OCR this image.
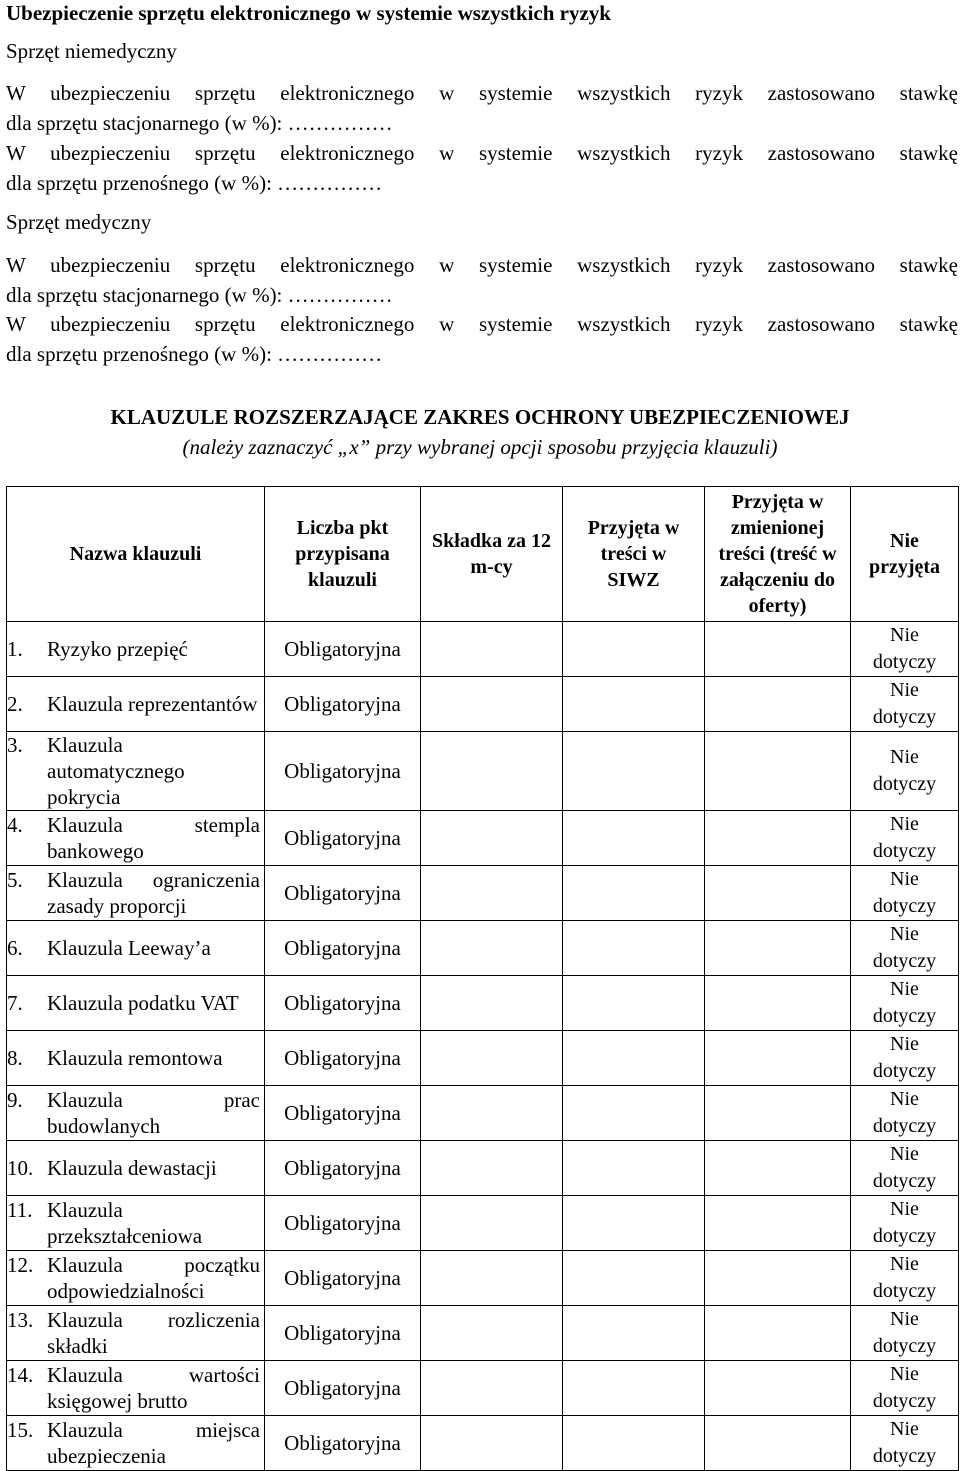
Ubezpieczenie sprzętu elektronicznego w systemie wszystkich ryzyk
Sprzęt niemedyczny
W ubezpieczeniu sprzętu elektronicznego w systemie wszystkich ryzyk zastosowano stawkę
dla sprzętu stacjonarnego (w %): ……………
W ubezpieczeniu sprzętu elektronicznego w systemie wszystkich ryzyk zastosowano stawkę
dla sprzętu przenośnego (w %): ……………
Sprzęt medyczny
W ubezpieczeniu sprzętu elektronicznego w systemie wszystkich ryzyk zastosowano stawkę
dla sprzętu stacjonarnego (w %): ……………
W ubezpieczeniu sprzętu elektronicznego w systemie wszystkich ryzyk zastosowano stawkę
dla sprzętu przenośnego (w %): ……………
KLAUZULE ROZSZERZAJĄCE ZAKRES OCHRONY UBEZPIECZENIOWEJ
(należy zaznaczyć „x” przy wybranej opcji sposobu przyjęcia klauzuli)
Nazwa klauzuli	Liczba pkt przypisana klauzuli	Składka za 12 m-cy	Przyjęta w treści w SIWZ	Przyjęta w zmienionej treści (treść w załączeniu do oferty)	Nie przyjęta

1. Ryzyko przepięć	Obligatoryjna				Nie dotyczy

2. Klauzula reprezentantów	Obligatoryjna				Nie dotyczy

3. Klauzula automatycznego pokrycia	Obligatoryjna				Nie dotyczy

4. Klauzula stempla bankowego	Obligatoryjna				Nie dotyczy

5. Klauzula ograniczenia zasady proporcji	Obligatoryjna				Nie dotyczy

6. Klauzula Leeway’a	Obligatoryjna				Nie dotyczy

7. Klauzula podatku VAT	Obligatoryjna				Nie dotyczy

8. Klauzula remontowa	Obligatoryjna				Nie dotyczy

9. Klauzula prac budowlanych	Obligatoryjna				Nie dotyczy

10. Klauzula dewastacji	Obligatoryjna				Nie dotyczy

11. Klauzula przekształceniowa	Obligatoryjna				Nie dotyczy

12. Klauzula początku odpowiedzialności	Obligatoryjna				Nie dotyczy

13. Klauzula rozliczenia składki	Obligatoryjna				Nie dotyczy

14. Klauzula wartości księgowej brutto	Obligatoryjna				Nie dotyczy

15. Klauzula miejsca ubezpieczenia	Obligatoryjna				Nie dotyczy
